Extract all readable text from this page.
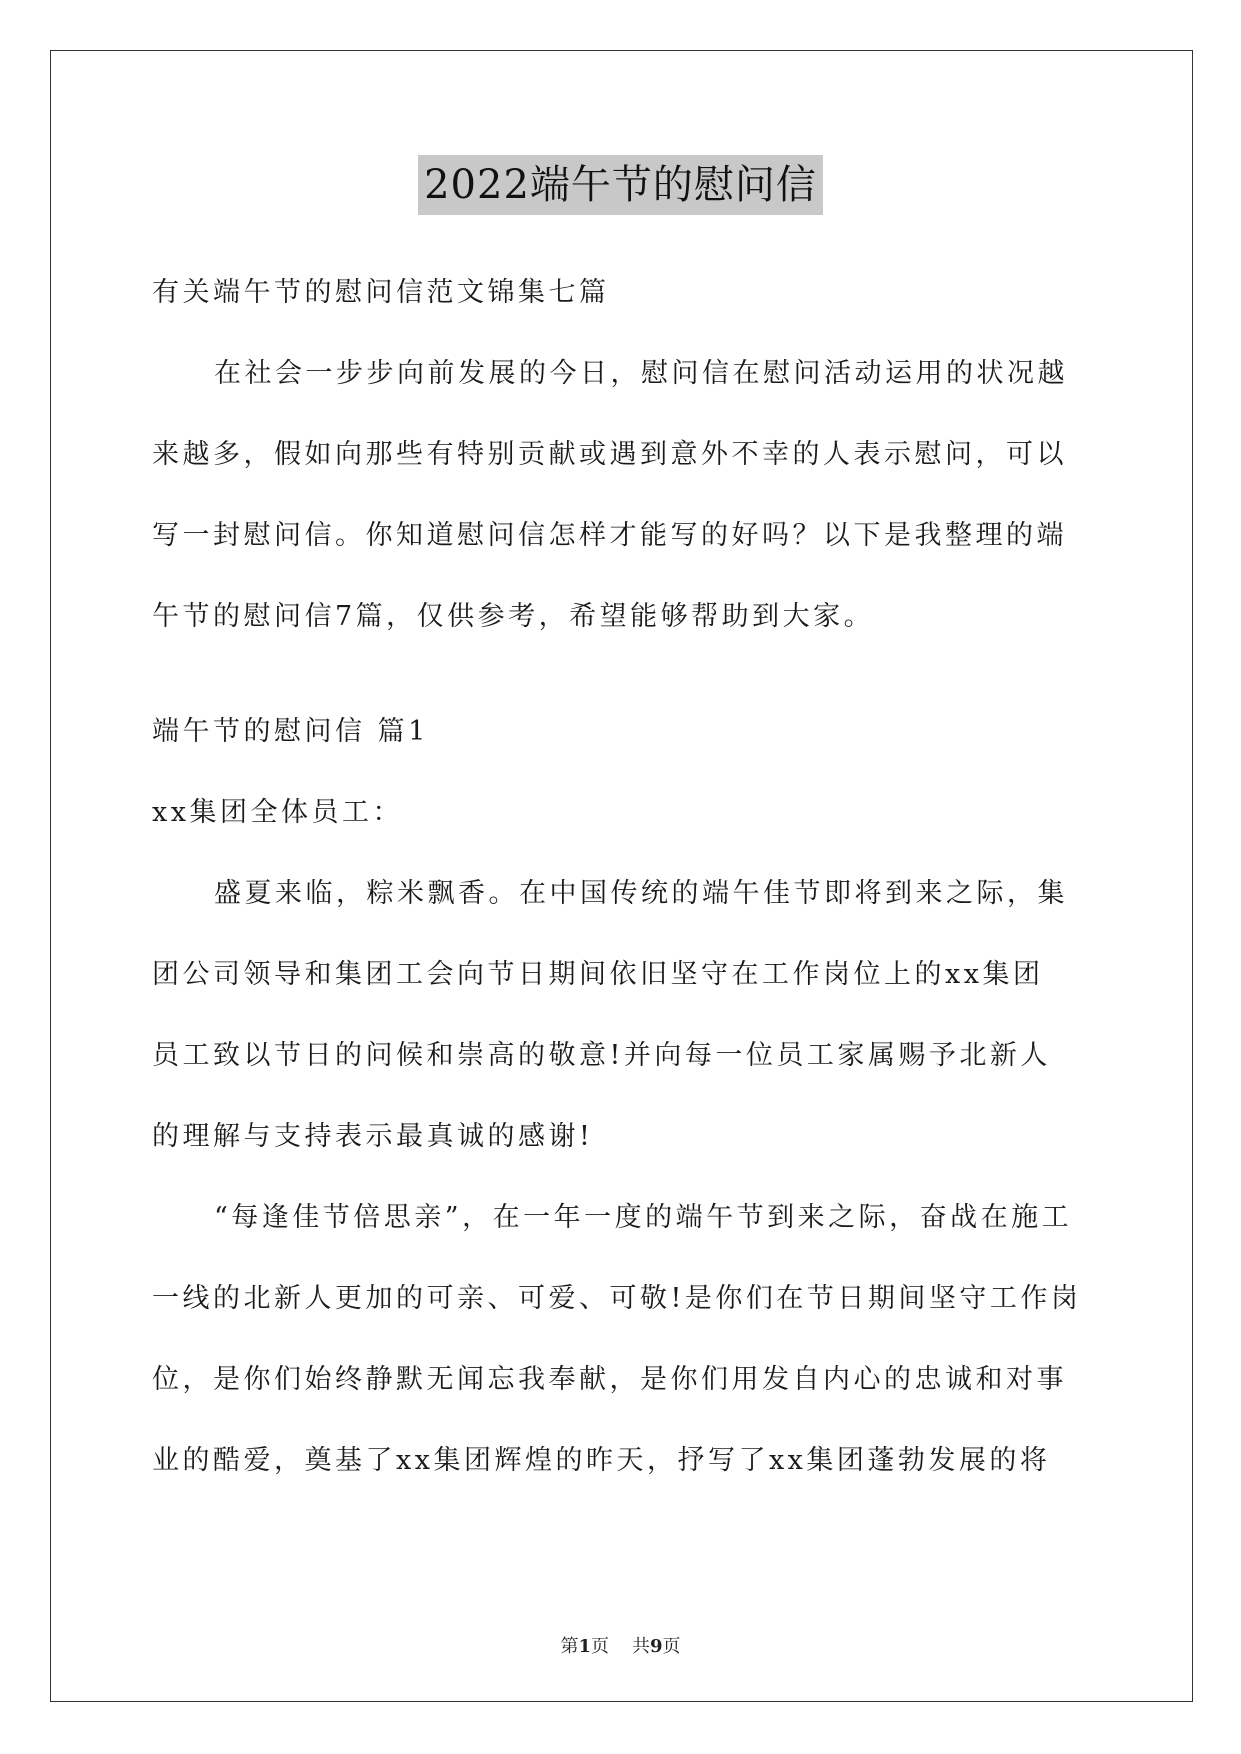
2022端午节的慰问信

有关端午节的慰问信范文锦集七篇

在社会一步步向前发展的今日，慰问信在慰问活动运用的状况越

来越多，假如向那些有特别贡献或遇到意外不幸的人表示慰问，可以

写一封慰问信。你知道慰问信怎样才能写的好吗？以下是我整理的端

午节的慰问信7篇，仅供参考，希望能够帮助到大家。

端午节的慰问信 篇1

xx集团全体员工：

盛夏来临，粽米飘香。在中国传统的端午佳节即将到来之际，集

团公司领导和集团工会向节日期间依旧坚守在工作岗位上的xx集团

员工致以节日的问候和崇高的敬意!并向每一位员工家属赐予北新人

的理解与支持表示最真诚的感谢!

“每逢佳节倍思亲”，在一年一度的端午节到来之际，奋战在施工

一线的北新人更加的可亲、可爱、可敬!是你们在节日期间坚守工作岗

位，是你们始终静默无闻忘我奉献，是你们用发自内心的忠诚和对事

业的酷爱，奠基了xx集团辉煌的昨天，抒写了xx集团蓬勃发展的将

第1页 共9页
